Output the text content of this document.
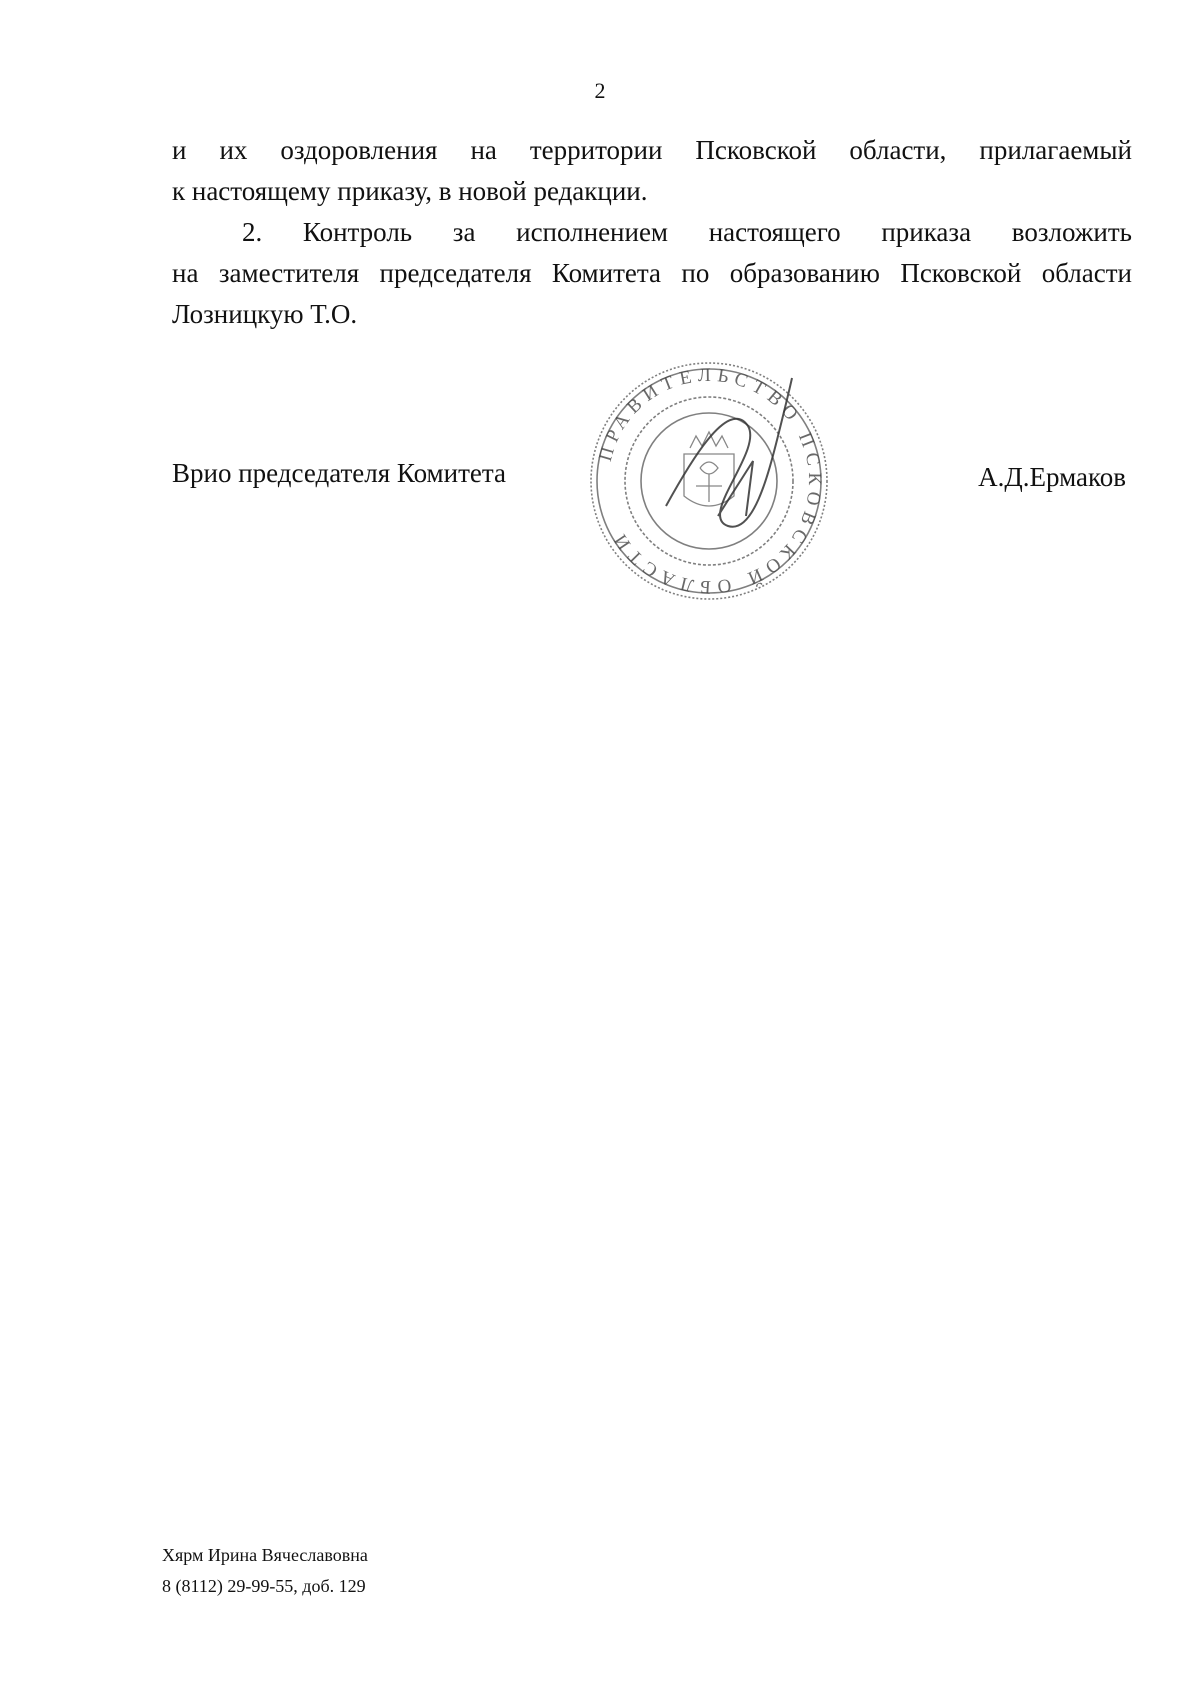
2

и их оздоровления на территории Псковской области, прилагаемый
к настоящему приказу, в новой редакции.

2. Контроль за исполнением настоящего приказа возложить
на заместителя председателя Комитета по образованию Псковской области
Лозницкую Т.О.

Врио председателя Комитета
ПРАВИТЕЛЬСТВО ПСКОВСКОЙ ОБЛАСТИ
А.Д.Ермаков
Хярм Ирина Вячеславовна
8 (8112) 29-99-55, доб. 129
